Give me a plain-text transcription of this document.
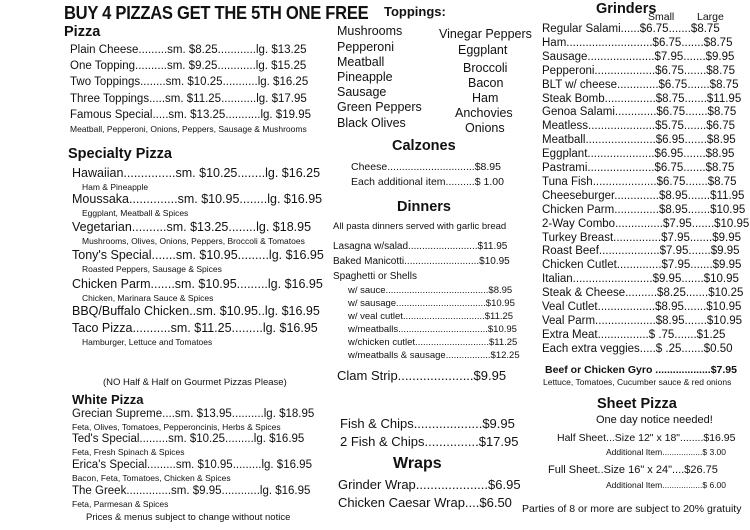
BUY 4 PIZZAS GET THE 5TH ONE FREE
Pizza
Plain Cheese.........sm. $8.25............lg. $13.25
One Topping..........sm. $9.25............lg. $15.25
Two Toppings........sm. $10.25...........lg. $16.25
Three Toppings.....sm. $11.25...........lg. $17.95
Famous Special.....sm. $13.25...........lg. $19.95
Meatball, Pepperoni, Onions, Peppers, Sausage & Mushrooms
Specialty Pizza
Hawaiian...............sm. $10.25........lg. $16.25
Ham & Pineapple
Moussaka..............sm. $10.95........lg. $16.95
Eggplant, Meatball & Spices
Vegetarian..........sm. $13.25........lg. $18.95
Mushrooms, Olives, Onions, Peppers, Broccoli & Tomatoes
Tony's Special.......sm. $10.95.........lg. $16.95
Roasted Peppers, Sausage & Spices
Chicken Parm.......sm. $10.95.........lg. $16.95
Chicken, Marinara Sauce & Spices
BBQ/Buffalo Chicken..sm. $10.95..lg. $16.95
Taco Pizza...........sm. $11.25.........lg. $16.95
Hamburger, Lettuce and Tomatoes
(NO Half & Half on Gourmet Pizzas Please)
White Pizza
Grecian Supreme....sm. $13.95..........lg. $18.95
Feta, Olives, Tomatoes, Pepperoncinis, Herbs & Spices
Ted's Special.........sm. $10.25.........lg. $16.95
Feta, Fresh Spinach & Spices
Erica's Special.........sm. $10.95.........lg. $16.95
Bacon, Feta, Tomatoes, Chicken & Spices
The Greek..............sm. $9.95............lg. $16.95
Feta, Parmesan & Spices
Prices & menus subject to change without notice
Toppings:
Mushrooms
Pepperoni
Meatball
Pineapple
Sausage
Green Peppers
Black Olives
Vinegar Peppers
Eggplant
Broccoli
Bacon
Ham
Anchovies
Onions
Calzones
Cheese..............................$8.95
Each additional item..........$ 1.00
Dinners
All pasta dinners served with garlic bread
Lasagna w/salad.........................$11.95
Baked Manicotti...........................$10.95
Spaghetti or Shells
w/ sauce.......................................$8.95
w/ sausage..................................$10.95
w/ veal cutlet...............................$11.25
w/meatballs..................................$10.95
w/chicken cutlet............................$11.25
w/meatballs & sausage.................$12.25
Clam Strip.....................$9.95
Fish & Chips...................$9.95
2 Fish & Chips...............$17.95
Wraps
Grinder Wrap....................$6.95
Chicken Caesar Wrap....$6.50
Grinders
Small Large
Regular Salami......$6.75.......$8.75
Ham...........................$6.75.......$8.75
Sausage.....................$7.95.......$9.95
Pepperoni...................$6.75.......$8.75
BLT w/ cheese.............$6.75.......$8.75
Steak Bomb................$8.75.......$11.95
Genoa Salami.............$6.75.......$8.75
Meatless.....................$5.75.......$6.75
Meatball......................$6.95.......$8.95
Eggplant.....................$6.95.......$8.95
Pastrami.....................$6.75.......$8.75
Tuna Fish....................$6.75.......$8.75
Cheeseburger..............$8.95.......$11.95
Chicken Parm..............$8.95.......$10.95
2-Way Combo...............$7.95.......$10.95
Turkey Breast...............$7.95.......$9.95
Roast Beef...................$7.95.......$9.95
Chicken Cutlet..............$7.95.......$9.95
Italian.........................$9.95.......$10.95
Steak & Cheese..........$8.25.......$10.25
Veal Cutlet..................$8.95.......$10.95
Veal Parm...................$8.95.......$10.95
Extra Meat................$ .75.......$1.25
Each extra veggies.....$ .25.......$0.50
Beef or Chicken Gyro ...................$7.95
Lettuce, Tomatoes, Cucumber sauce & red onions
Sheet Pizza
One day notice needed!
Half Sheet...Size 12" x 18"........$16.95
Additional Item.................$ 3.00
Full Sheet..Size 16" x 24"....$26.75
Additional Item.................$ 6.00
Parties of 8 or more are subject to 20% gratuity
